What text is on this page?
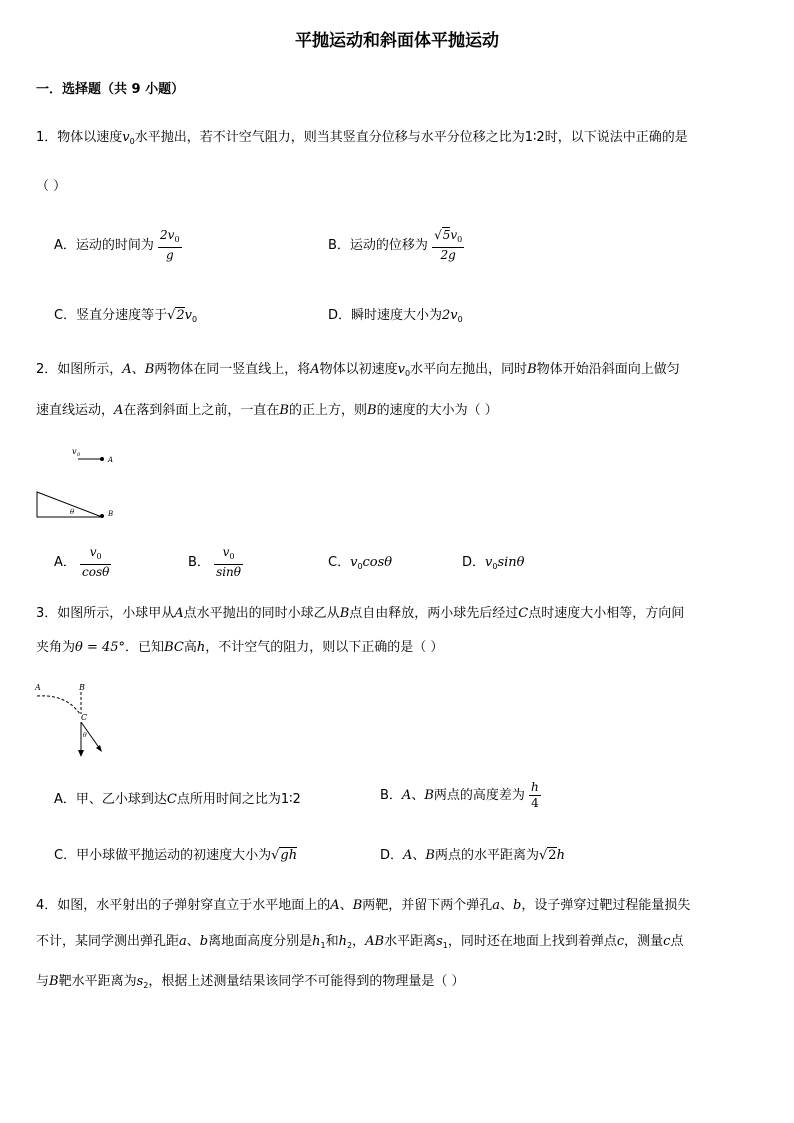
平抛运动和斜面体平抛运动
一．选择题（共 9 小题）
1．物体以速度$v_0$水平抛出，若不计空气阻力，则当其竖直分位移与水平分位移之比为1∶2时，以下说法中正确的是
（ ）
A．运动的时间为 $\frac{2v_0}{g}$	B．运动的位移为 $\frac{√5v_0}{2g}$
C．竖直分速度等于$√2v_0$	D．瞬时速度大小为$2v_0$
2．如图所示，A、B两物体在同一竖直线上，将A物体以初速度$v_0$水平向左抛出，同时B物体开始沿斜面向上做匀
速直线运动，A在落到斜面上之前，一直在B的正上方，则B的速度的大小为（ ）
v 0
A
B
θ
A． $\frac{v_0}{\cos\theta}$	B． $\frac{v_0}{\sin\theta}$	C．$v_0\cos\theta$	D．$v_0\sin\theta$
3．如图所示，小球甲从A点水平抛出的同时小球乙从B点自由释放，两小球先后经过C点时速度大小相等，方向间
夹角为θ = 45°．已知BC高h，不计空气的阻力，则以下正确的是（ ）
A	B
C
θ
A．甲、乙小球到达C点所用时间之比为1∶2	B．A、B两点的高度差为 $\frac{h}{4}$
C．甲小球做平抛运动的初速度大小为√gh	D．A、B两点的水平距离为√2h
4．如图，水平射出的子弹射穿直立于水平地面上的A、B两靶，并留下两个弹孔a、b，设子弹穿过靶过程能量损失
不计，某同学测出弹孔距a、b离地面高度分别是$h_1$和$h_2$，AB水平距离$s_1$，同时还在地面上找到着弹点c，测量c点
与B靶水平距离为$s_2$，根据上述测量结果该同学不可能得到的物理量是（ ）
